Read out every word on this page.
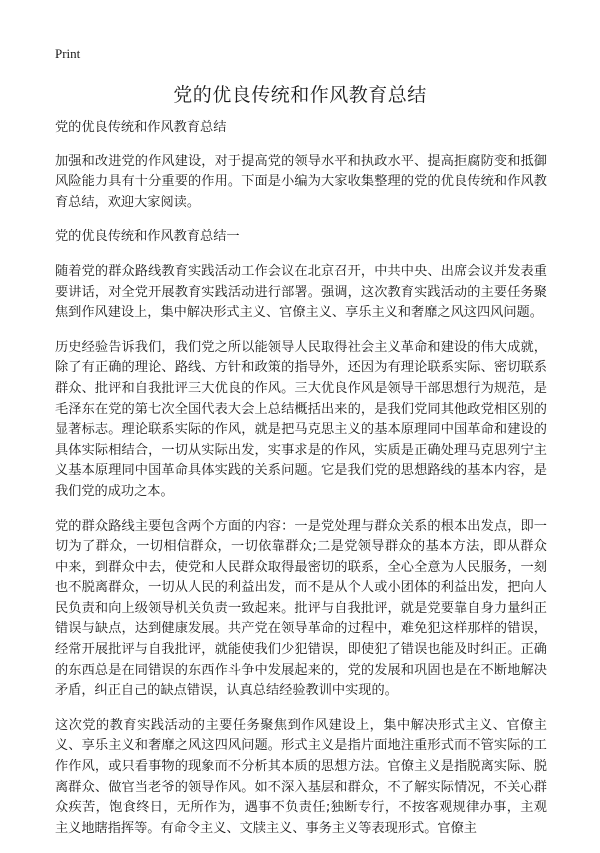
Print
党的优良传统和作风教育总结

党的优良传统和作风教育总结

加强和改进党的作风建设，对于提高党的领导水平和执政水平、提高拒腐防变和抵御风险能力具有十分重要的作用。下面是小编为大家收集整理的党的优良传统和作风教育总结，欢迎大家阅读。

党的优良传统和作风教育总结一

随着党的群众路线教育实践活动工作会议在北京召开，中共中央、出席会议并发表重要讲话，对全党开展教育实践活动进行部署。强调，这次教育实践活动的主要任务聚焦到作风建设上，集中解决形式主义、官僚主义、享乐主义和奢靡之风这四风问题。

历史经验告诉我们，我们党之所以能领导人民取得社会主义革命和建设的伟大成就，除了有正确的理论、路线、方针和政策的指导外，还因为有理论联系实际、密切联系群众、批评和自我批评三大优良的作风。三大优良作风是领导干部思想行为规范，是毛泽东在党的第七次全国代表大会上总结概括出来的，是我们党同其他政党相区别的显著标志。理论联系实际的作风，就是把马克思主义的基本原理同中国革命和建设的具体实际相结合，一切从实际出发，实事求是的作风，实质是正确处理马克思列宁主义基本原理同中国革命具体实践的关系问题。它是我们党的思想路线的基本内容，是我们党的成功之本。

党的群众路线主要包含两个方面的内容：一是党处理与群众关系的根本出发点，即一切为了群众，一切相信群众，一切依靠群众;二是党领导群众的基本方法，即从群众中来，到群众中去，使党和人民群众取得最密切的联系，全心全意为人民服务，一刻也不脱离群众，一切从人民的利益出发，而不是从个人或小团体的利益出发，把向人民负责和向上级领导机关负责一致起来。批评与自我批评，就是党要靠自身力量纠正错误与缺点，达到健康发展。共产党在领导革命的过程中，难免犯这样那样的错误，经常开展批评与自我批评，就能使我们少犯错误，即使犯了错误也能及时纠正。正确的东西总是在同错误的东西作斗争中发展起来的，党的发展和巩固也是在不断地解决矛盾，纠正自己的缺点错误，认真总结经验教训中实现的。

这次党的教育实践活动的主要任务聚焦到作风建设上，集中解决形式主义、官僚主义、享乐主义和奢靡之风这四风问题。形式主义是指片面地注重形式而不管实际的工作作风，或只看事物的现象而不分析其本质的思想方法。官僚主义是指脱离实际、脱离群众、做官当老爷的领导作风。如不深入基层和群众，不了解实际情况，不关心群众疾苦，饱食终日，无所作为，遇事不负责任;独断专行，不按客观规律办事，主观主义地瞎指挥等。有命令主义、文牍主义、事务主义等表现形式。官僚主
